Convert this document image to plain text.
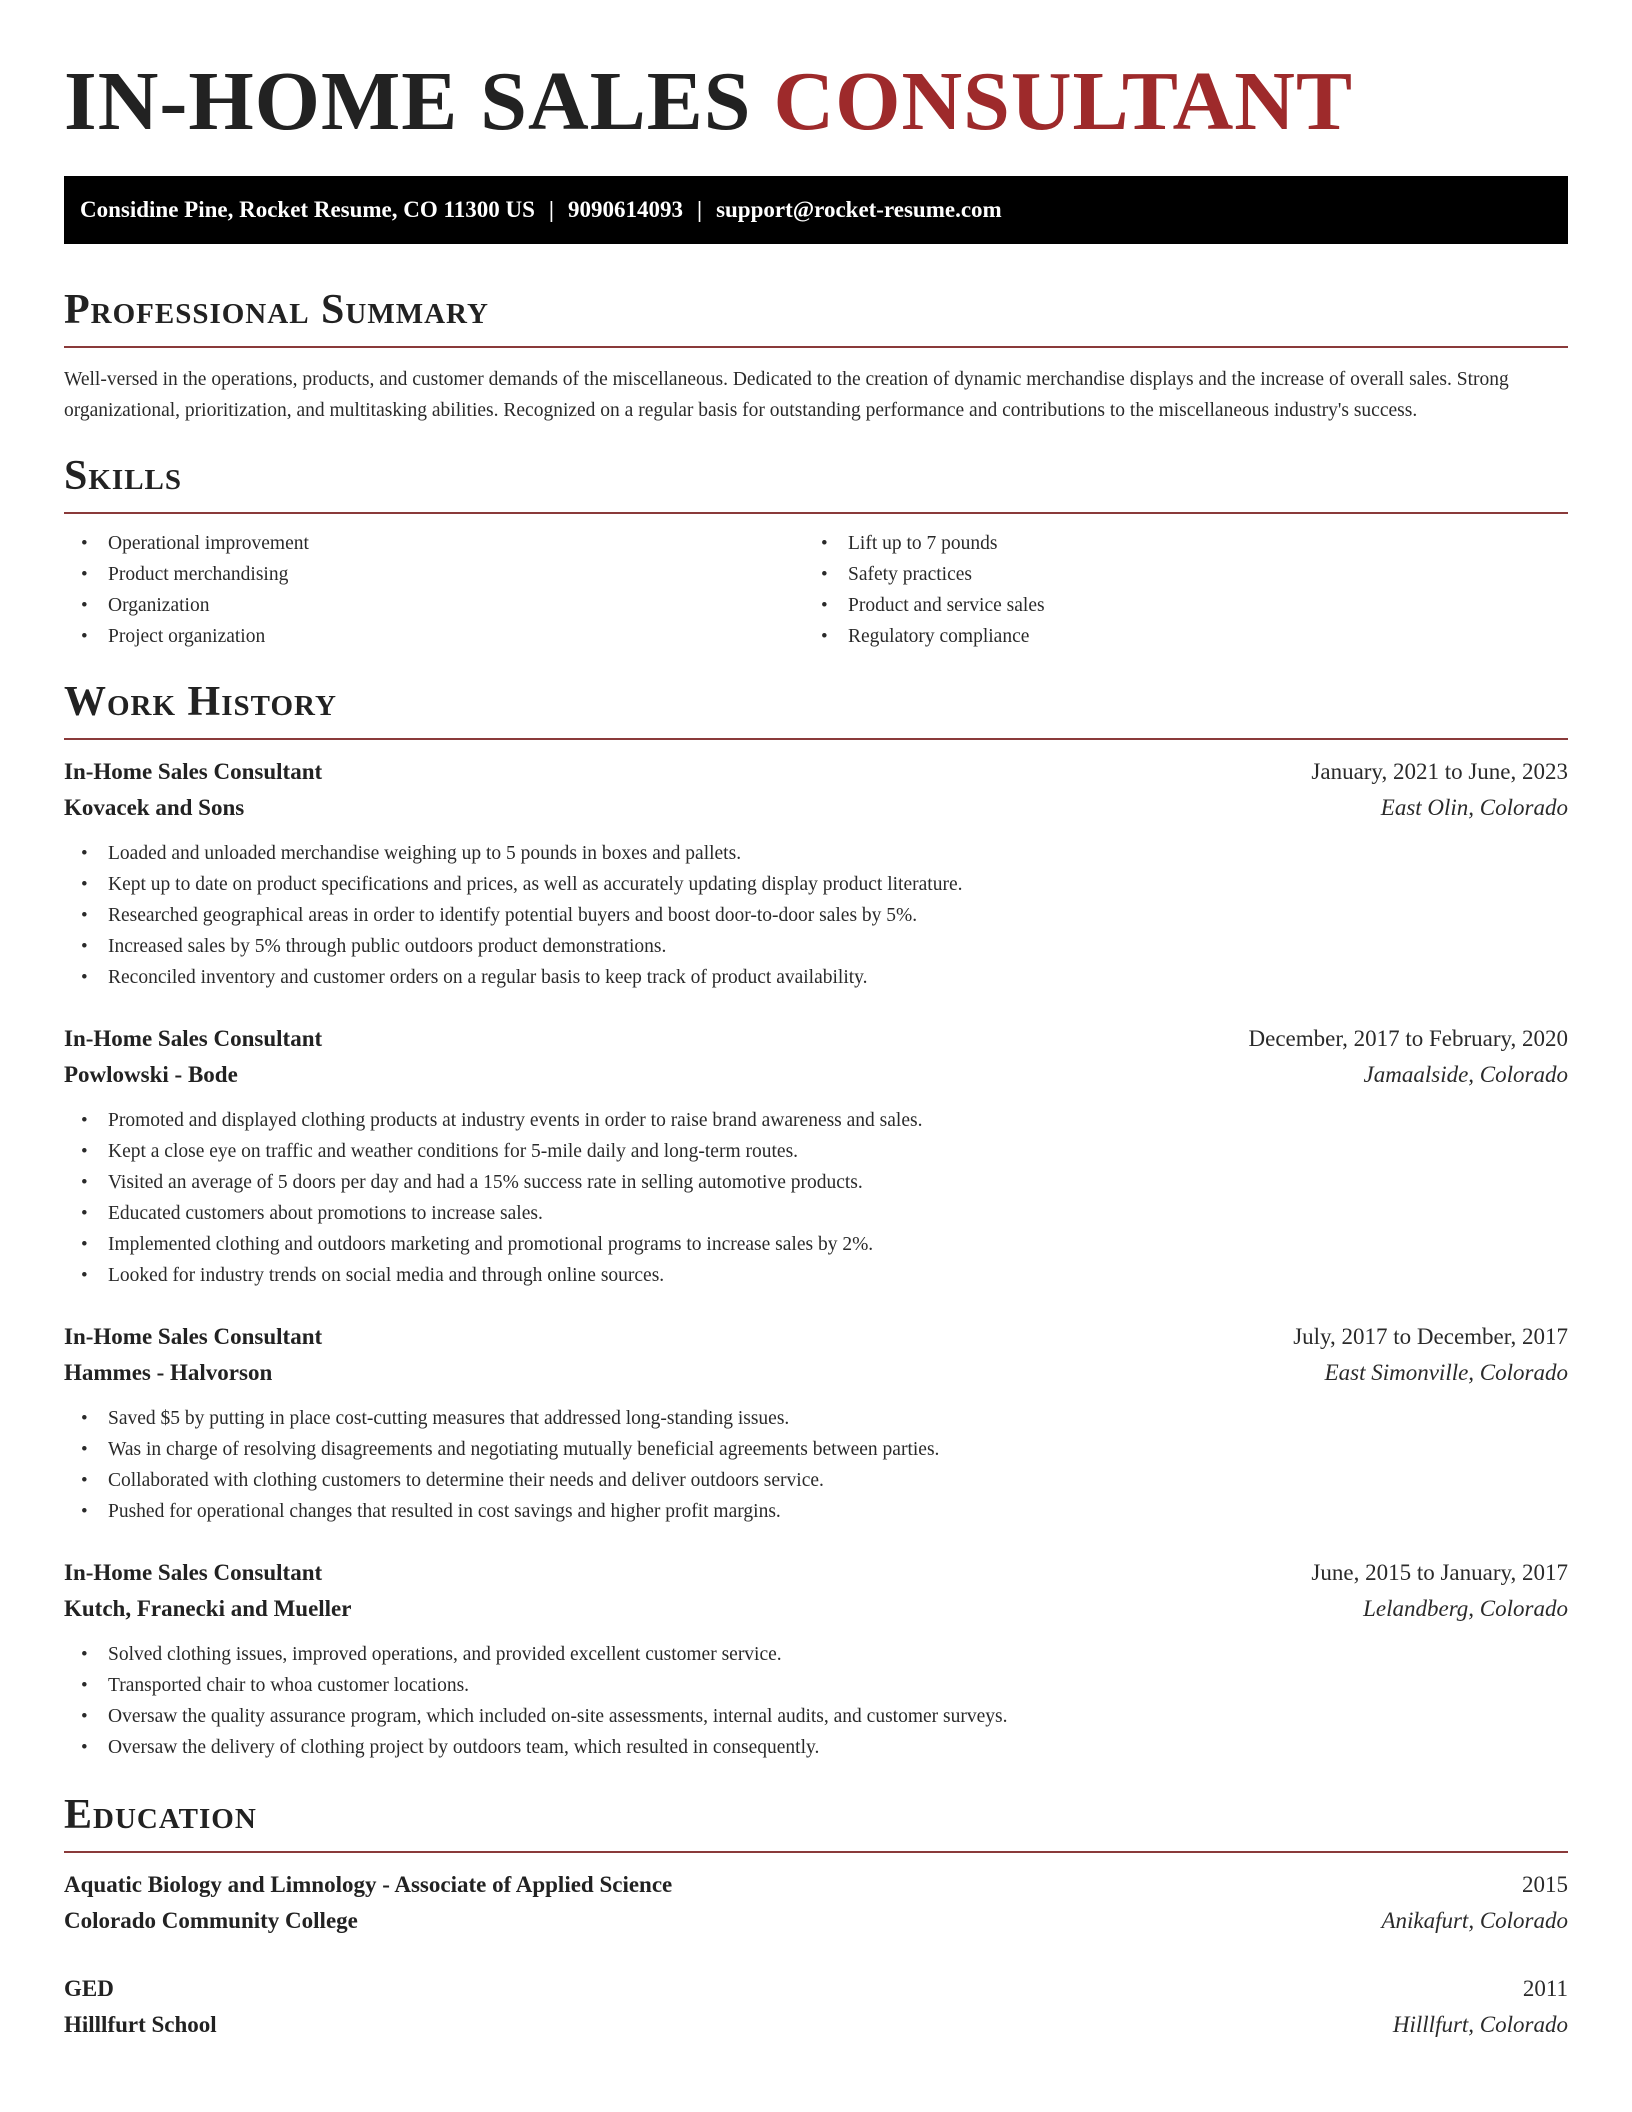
IN-HOME SALES CONSULTANT
Considine Pine, Rocket Resume, CO 11300 US | 9090614093 | support@rocket-resume.com
Professional Summary

Well-versed in the operations, products, and customer demands of the miscellaneous. Dedicated to the creation of dynamic merchandise displays and the increase of overall sales. Strong organizational, prioritization, and multitasking abilities. Recognized on a regular basis for outstanding performance and contributions to the miscellaneous industry's success.

Skills
• Operational improvement
• Product merchandising
• Organization
• Project organization
• Lift up to 7 pounds
• Safety practices
• Product and service sales
• Regulatory compliance
Work History
In-Home Sales Consultant	January, 2021 to June, 2023
Kovacek and Sons	East Olin, Colorado
• Loaded and unloaded merchandise weighing up to 5 pounds in boxes and pallets.
• Kept up to date on product specifications and prices, as well as accurately updating display product literature.
• Researched geographical areas in order to identify potential buyers and boost door-to-door sales by 5%.
• Increased sales by 5% through public outdoors product demonstrations.
• Reconciled inventory and customer orders on a regular basis to keep track of product availability.
In-Home Sales Consultant	December, 2017 to February, 2020
Powlowski - Bode	Jamaalside, Colorado
• Promoted and displayed clothing products at industry events in order to raise brand awareness and sales.
• Kept a close eye on traffic and weather conditions for 5-mile daily and long-term routes.
• Visited an average of 5 doors per day and had a 15% success rate in selling automotive products.
• Educated customers about promotions to increase sales.
• Implemented clothing and outdoors marketing and promotional programs to increase sales by 2%.
• Looked for industry trends on social media and through online sources.
In-Home Sales Consultant	July, 2017 to December, 2017
Hammes - Halvorson	East Simonville, Colorado
• Saved $5 by putting in place cost-cutting measures that addressed long-standing issues.
• Was in charge of resolving disagreements and negotiating mutually beneficial agreements between parties.
• Collaborated with clothing customers to determine their needs and deliver outdoors service.
• Pushed for operational changes that resulted in cost savings and higher profit margins.
In-Home Sales Consultant	June, 2015 to January, 2017
Kutch, Franecki and Mueller	Lelandberg, Colorado
• Solved clothing issues, improved operations, and provided excellent customer service.
• Transported chair to whoa customer locations.
• Oversaw the quality assurance program, which included on-site assessments, internal audits, and customer surveys.
• Oversaw the delivery of clothing project by outdoors team, which resulted in consequently.
Education
Aquatic Biology and Limnology - Associate of Applied Science	2015
Colorado Community College	Anikafurt, Colorado
GED	2011
Hilllfurt School	Hilllfurt, Colorado
